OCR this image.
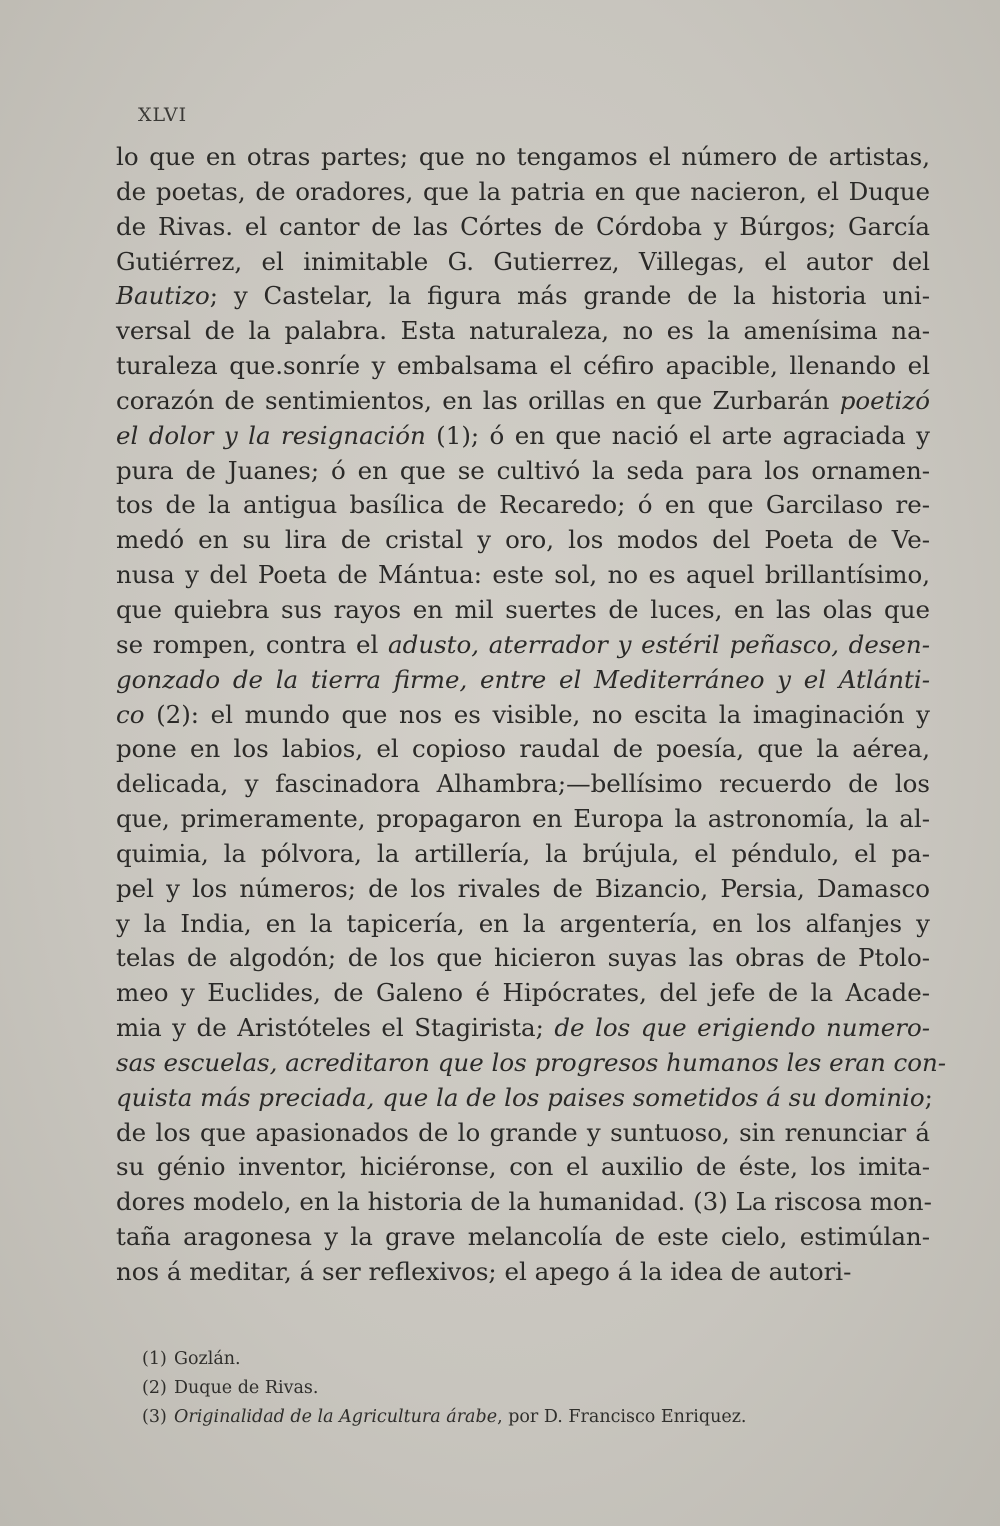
XLVI
lo que en otras partes; que no tengamos el número de artistas,
de poetas, de oradores, que la patria en que nacieron, el Duque
de Rivas. el cantor de las Córtes de Córdoba y Búrgos; García
Gutiérrez, el inimitable G. Gutierrez, Villegas, el autor del
Bautizo; y Castelar, la figura más grande de la historia uni-
versal de la palabra. Esta naturaleza, no es la amenísima na-
turaleza que.sonríe y embalsama el céfiro apacible, llenando el
corazón de sentimientos, en las orillas en que Zurbarán poetizó
el dolor y la resignación (1); ó en que nació el arte agraciada y
pura de Juanes; ó en que se cultivó la seda para los ornamen-
tos de la antigua basílica de Recaredo; ó en que Garcilaso re-
medó en su lira de cristal y oro, los modos del Poeta de Ve-
nusa y del Poeta de Mántua: este sol, no es aquel brillantísimo,
que quiebra sus rayos en mil suertes de luces, en las olas que
se rompen, contra el adusto, aterrador y estéril peñasco, desen-
gonzado de la tierra firme, entre el Mediterráneo y el Atlánti-
co (2): el mundo que nos es visible, no escita la imaginación y
pone en los labios, el copioso raudal de poesía, que la aérea,
delicada, y fascinadora Alhambra;—bellísimo recuerdo de los
que, primeramente, propagaron en Europa la astronomía, la al-
quimia, la pólvora, la artillería, la brújula, el péndulo, el pa-
pel y los números; de los rivales de Bizancio, Persia, Damasco
y la India, en la tapicería, en la argentería, en los alfanjes y
telas de algodón; de los que hicieron suyas las obras de Ptolo-
meo y Euclides, de Galeno é Hipócrates, del jefe de la Acade-
mia y de Aristóteles el Stagirista; de los que erigiendo numero-
sas escuelas, acreditaron que los progresos humanos les eran con-
quista más preciada, que la de los paises sometidos á su dominio;
de los que apasionados de lo grande y suntuoso, sin renunciar á
su génio inventor, hiciéronse, con el auxilio de éste, los imita-
dores modelo, en la historia de la humanidad. (3) La riscosa mon-
taña aragonesa y la grave melancolía de este cielo, estimúlan-
nos á meditar, á ser reflexivos; el apego á la idea de autori-
(1) Gozlán.
(2) Duque de Rivas.
(3) Originalidad de la Agricultura árabe, por D. Francisco Enriquez.
